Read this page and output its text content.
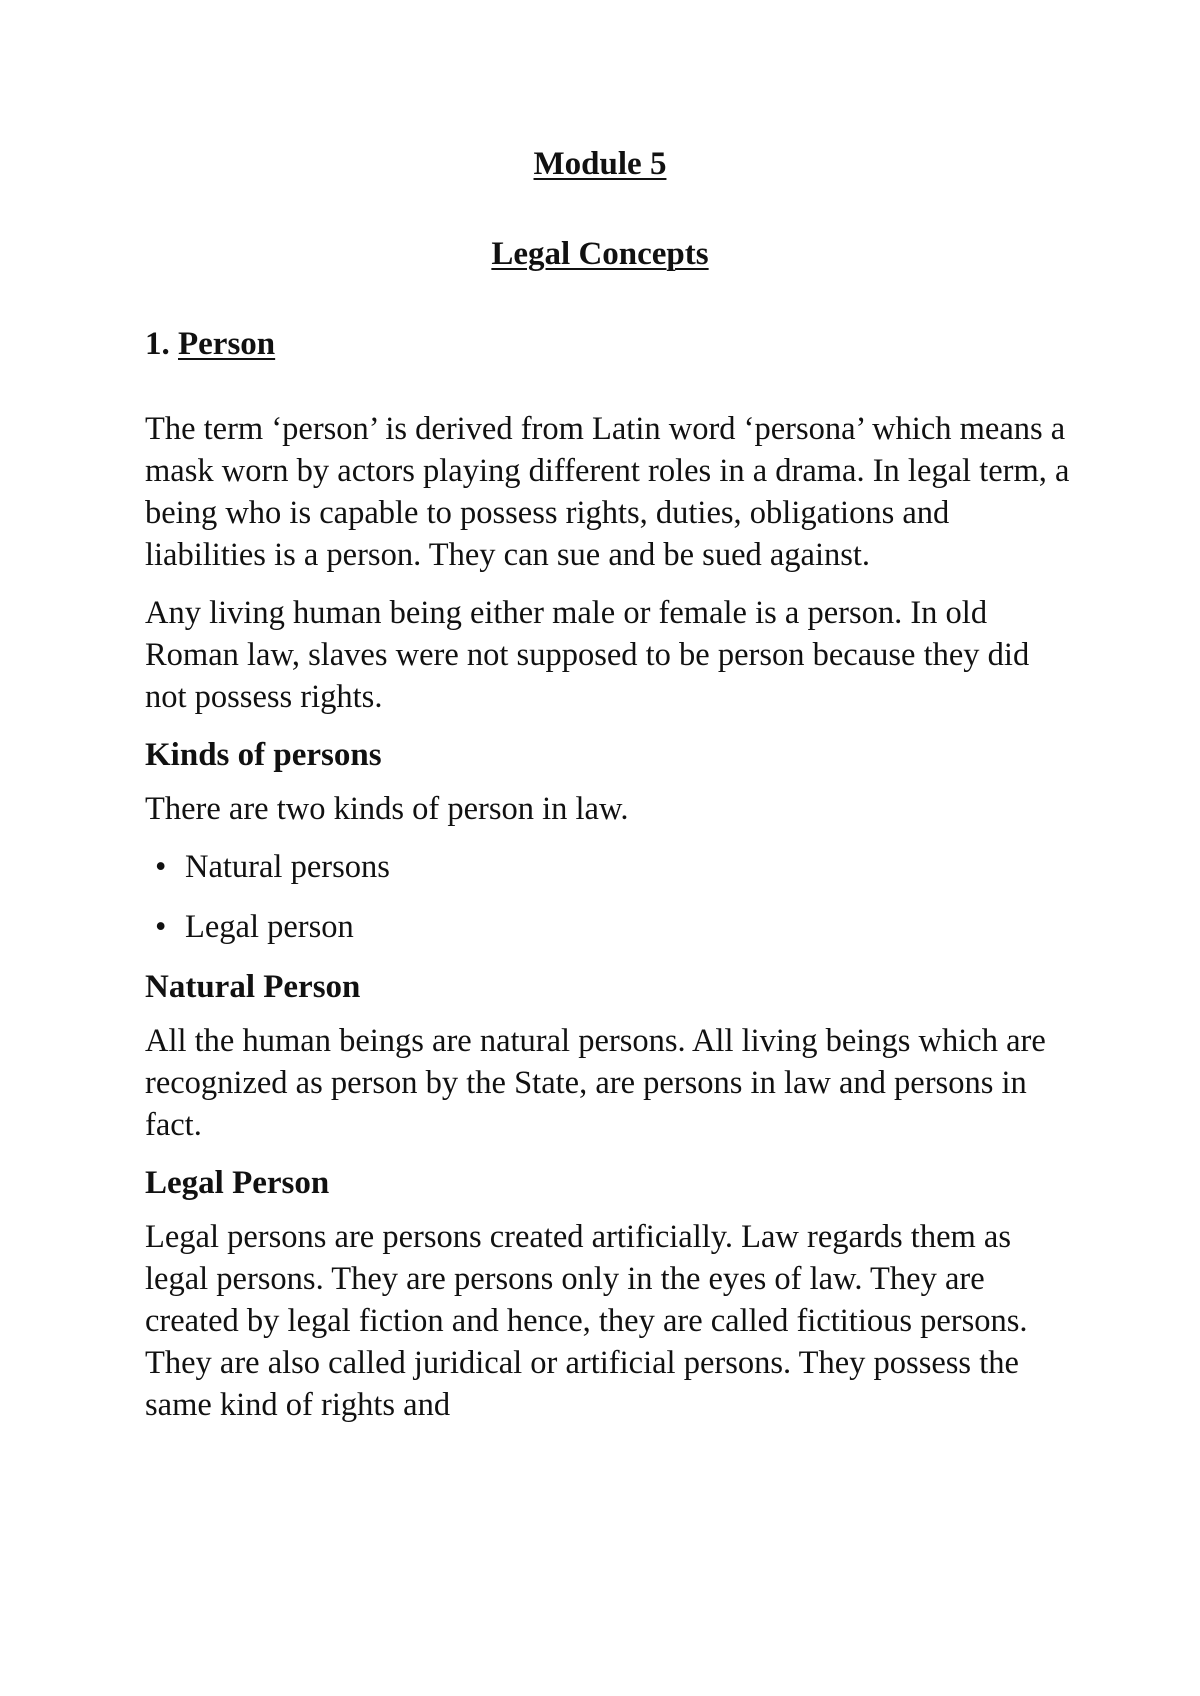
Module 5
Legal Concepts
1. Person

The term ‘person’ is derived from Latin word ‘persona’ which means a mask worn by actors playing different roles in a drama. In legal term, a being who is capable to possess rights, duties, obligations and liabilities is a person. They can sue and be sued against.

Any living human being either male or female is a person. In old Roman law, slaves were not supposed to be person because they did not possess rights.

Kinds of persons

There are two kinds of person in law.

• Natural persons
• Legal person
Natural Person

All the human beings are natural persons. All living beings which are recognized as person by the State, are persons in law and persons in fact.

Legal Person

Legal persons are persons created artificially. Law regards them as legal persons. They are persons only in the eyes of law. They are created by legal fiction and hence, they are called fictitious persons. They are also called juridical or artificial persons. They possess the same kind of rights and
